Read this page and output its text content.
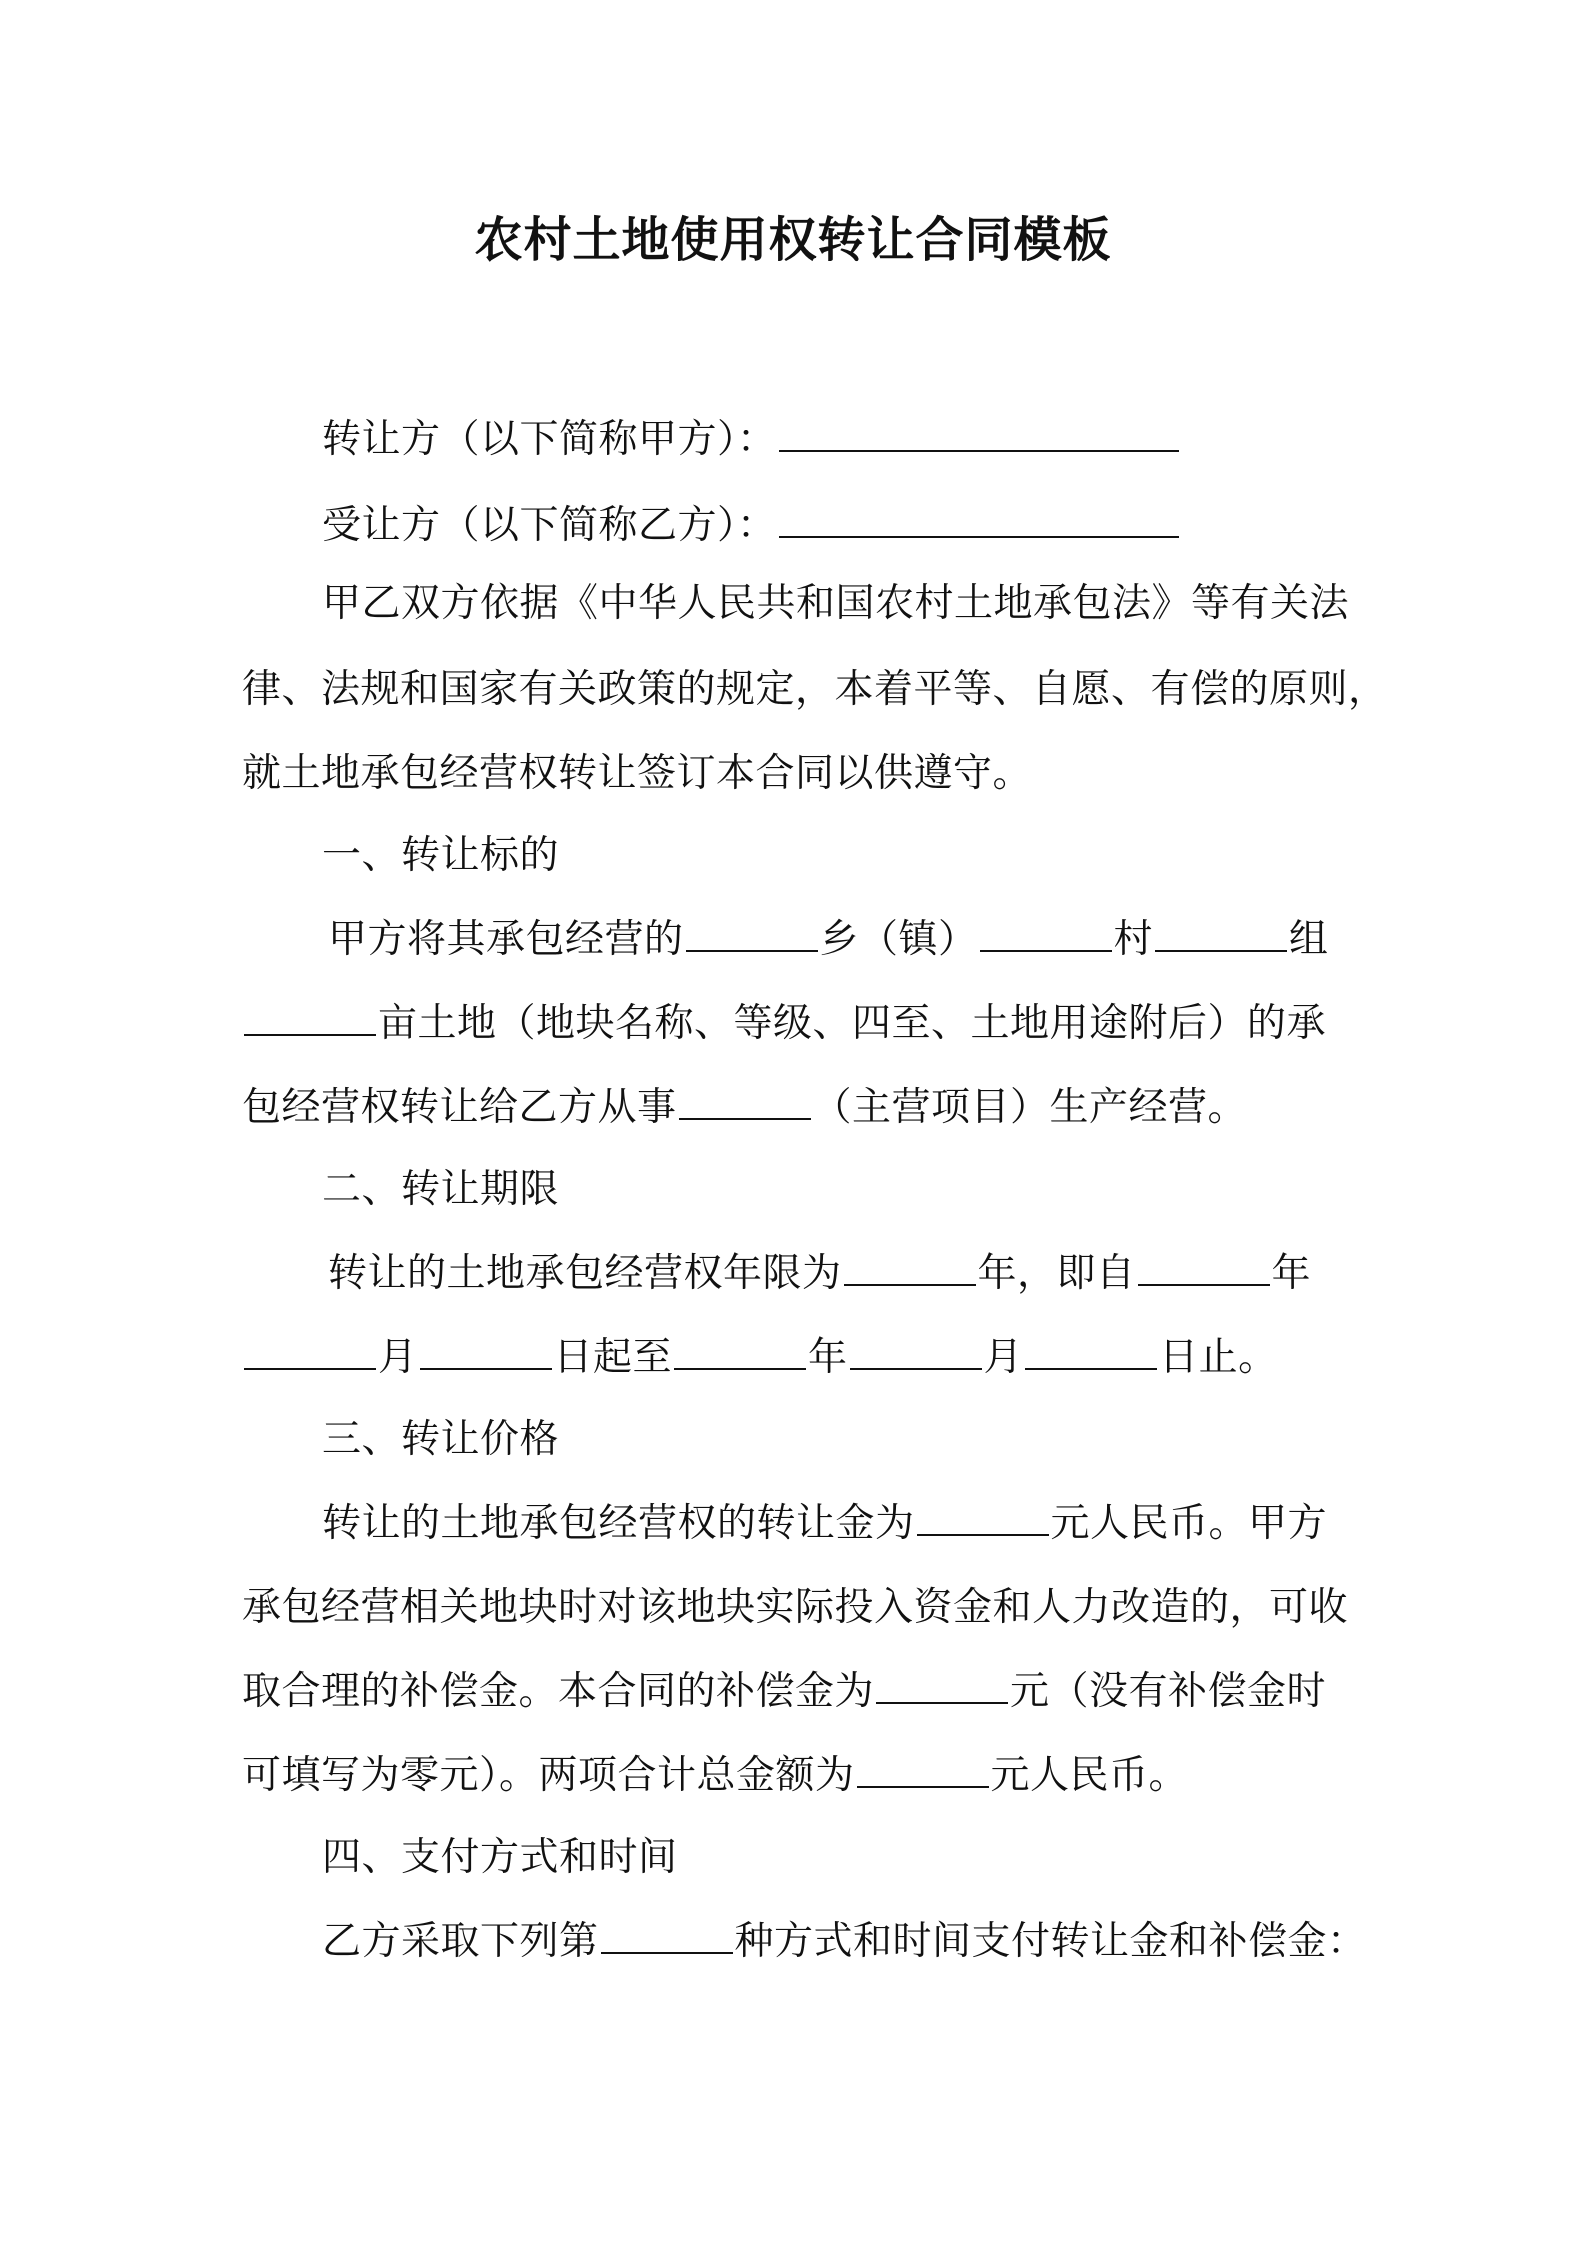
农村土地使用权转让合同模板
转让方（以下简称甲方）：
受让方（以下简称乙方）：
甲乙双方依据《中华人民共和国农村土地承包法》等有关法
律、法规和国家有关政策的规定，本着平等、自愿、有偿的原则，
就土地承包经营权转让签订本合同以供遵守。
一、转让标的
甲方将其承包经营的	乡（镇）	村	组
亩土地（地块名称、等级、四至、土地用途附后）的承
包经营权转让给乙方从事	（主营项目）生产经营。
二、转让期限
转让的土地承包经营权年限为	年，即自	年
月	日起至	年	月	日止。
三、转让价格
转让的土地承包经营权的转让金为	元人民币。甲方
承包经营相关地块时对该地块实际投入资金和人力改造的，可收
取合理的补偿金。本合同的补偿金为	元（没有补偿金时
可填写为零元）。两项合计总金额为	元人民币。
四、支付方式和时间
乙方采取下列第	种方式和时间支付转让金和补偿金：
